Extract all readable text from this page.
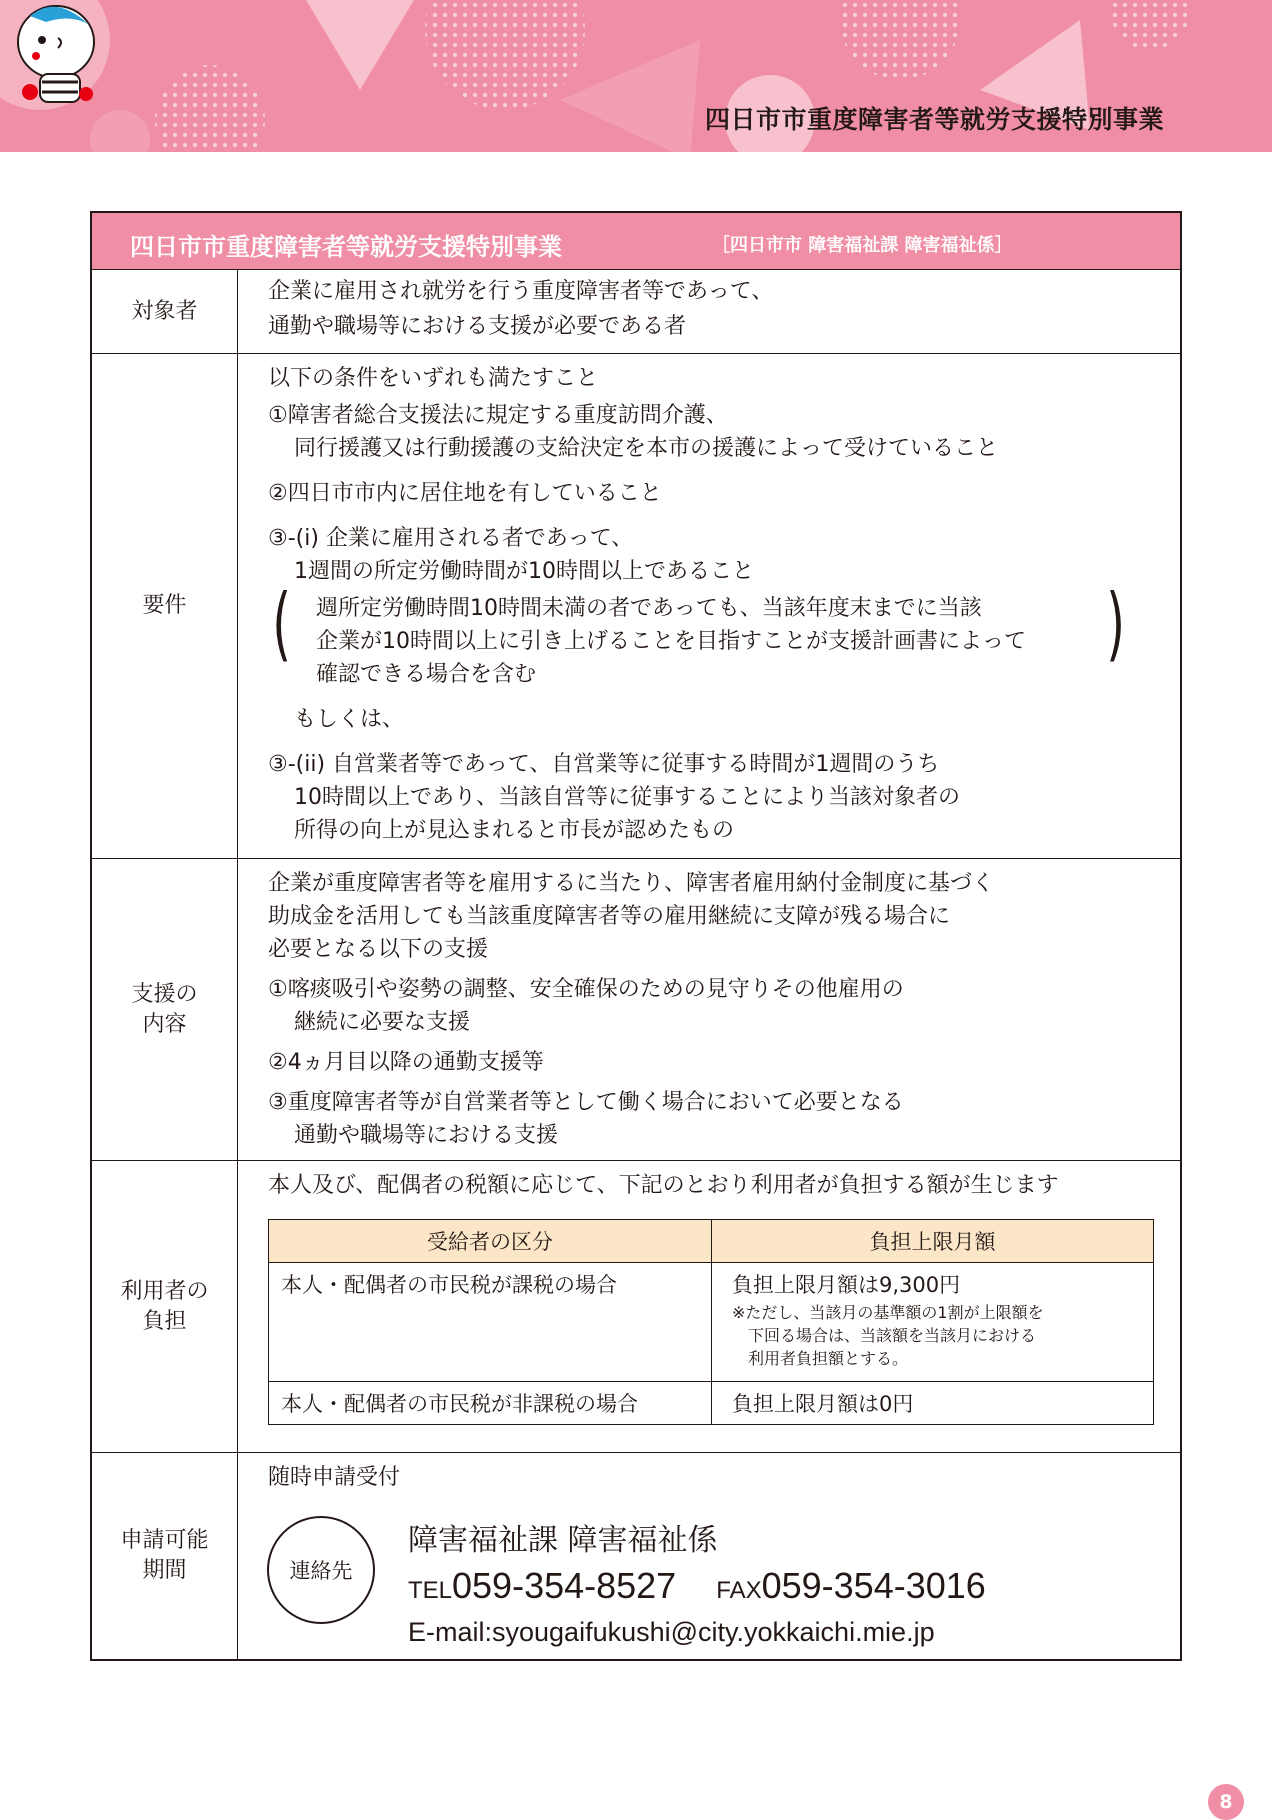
四日市市重度障害者等就労支援特別事業
四日市市重度障害者等就労支援特別事業	［四日市市 障害福祉課 障害福祉係］
対象者
企業に雇用され就労を行う重度障害者等であって、
通勤や職場等における支援が必要である者
要件
以下の条件をいずれも満たすこと
①障害者総合支援法に規定する重度訪問介護、
同行援護又は行動援護の支給決定を本市の援護によって受けていること
②四日市市内に居住地を有していること
③-(i) 企業に雇用される者であって、
1週間の所定労働時間が10時間以上であること
( 週所定労働時間10時間未満の者であっても、当該年度末までに当該
企業が10時間以上に引き上げることを目指すことが支援計画書によって
確認できる場合を含む
)
もしくは、
③-(ii) 自営業者等であって、自営業等に従事する時間が1週間のうち
10時間以上であり、当該自営等に従事することにより当該対象者の
所得の向上が見込まれると市長が認めたもの
支援の
内容
企業が重度障害者等を雇用するに当たり、障害者雇用納付金制度に基づく
助成金を活用しても当該重度障害者等の雇用継続に支障が残る場合に
必要となる以下の支援
①喀痰吸引や姿勢の調整、安全確保のための見守りその他雇用の
継続に必要な支援
②4ヵ月目以降の通勤支援等
③重度障害者等が自営業者等として働く場合において必要となる
通勤や職場等における支援
利用者の
負担
本人及び、配偶者の税額に応じて、下記のとおり利用者が負担する額が生じます
受給者の区分	負担上限月額
本人・配偶者の市民税が課税の場合	負担上限月額は9,300円
※ただし、当該月の基準額の1割が上限額を
下回る場合は、当該額を当該月における
利用者負担額とする。

本人・配偶者の市民税が非課税の場合	負担上限月額は0円
申請可能
期間
随時申請受付
連絡先
障害福祉課 障害福祉係
TEL059-354-8527 FAX059-354-3016
E-mail:syougaifukushi@city.yokkaichi.mie.jp
8
